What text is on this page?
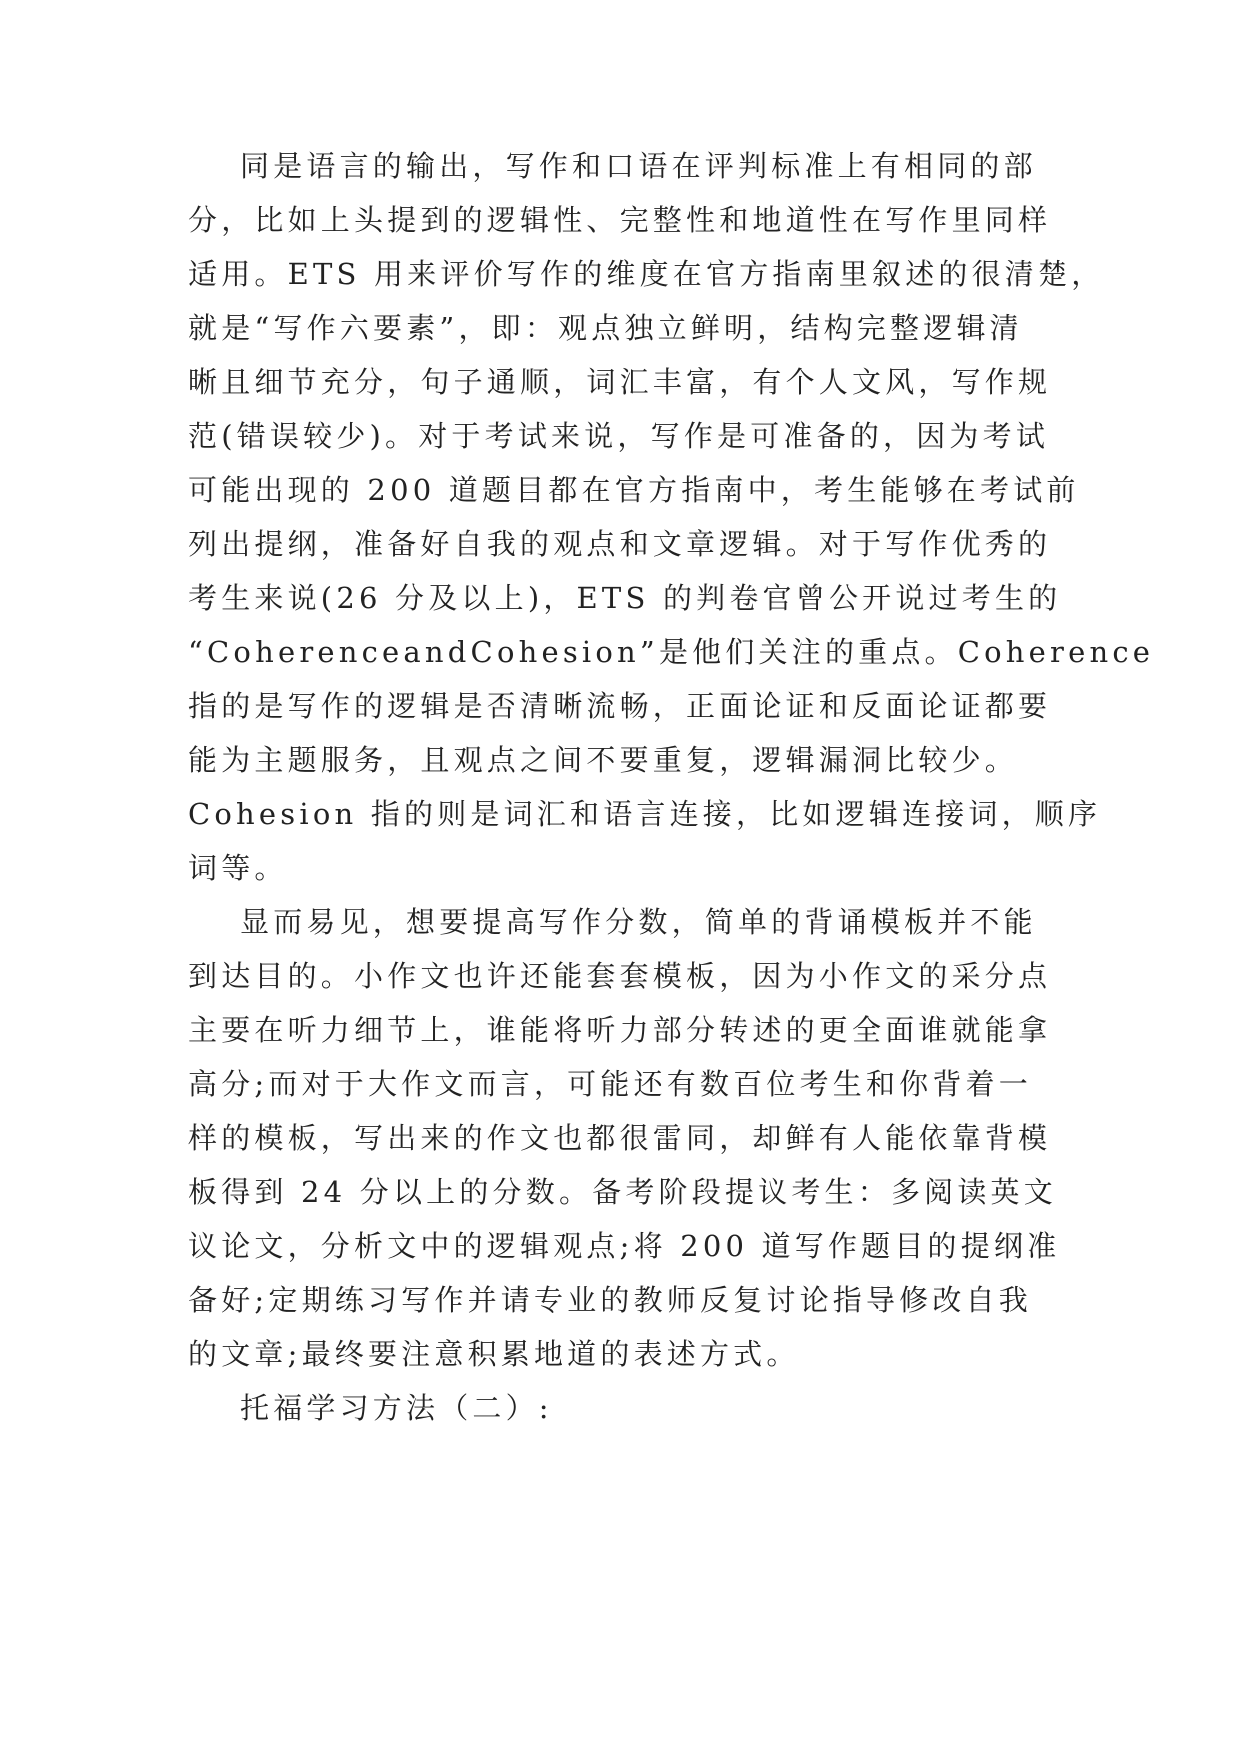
同是语言的输出，写作和口语在评判标准上有相同的部
分，比如上头提到的逻辑性、完整性和地道性在写作里同样
适用。ETS 用来评价写作的维度在官方指南里叙述的很清楚，
就是“写作六要素”，即：观点独立鲜明，结构完整逻辑清
晰且细节充分，句子通顺，词汇丰富，有个人文风，写作规
范(错误较少)。对于考试来说，写作是可准备的，因为考试
可能出现的 200 道题目都在官方指南中，考生能够在考试前
列出提纲，准备好自我的观点和文章逻辑。对于写作优秀的
考生来说(26 分及以上)，ETS 的判卷官曾公开说过考生的
“CoherenceandCohesion”是他们关注的重点。Coherence
指的是写作的逻辑是否清晰流畅，正面论证和反面论证都要
能为主题服务，且观点之间不要重复，逻辑漏洞比较少。
Cohesion 指的则是词汇和语言连接，比如逻辑连接词，顺序
词等。
显而易见，想要提高写作分数，简单的背诵模板并不能
到达目的。小作文也许还能套套模板，因为小作文的采分点
主要在听力细节上，谁能将听力部分转述的更全面谁就能拿
高分;而对于大作文而言，可能还有数百位考生和你背着一
样的模板，写出来的作文也都很雷同，却鲜有人能依靠背模
板得到 24 分以上的分数。备考阶段提议考生：多阅读英文
议论文，分析文中的逻辑观点;将 200 道写作题目的提纲准
备好;定期练习写作并请专业的教师反复讨论指导修改自我
的文章;最终要注意积累地道的表述方式。
托福学习方法（二）:
